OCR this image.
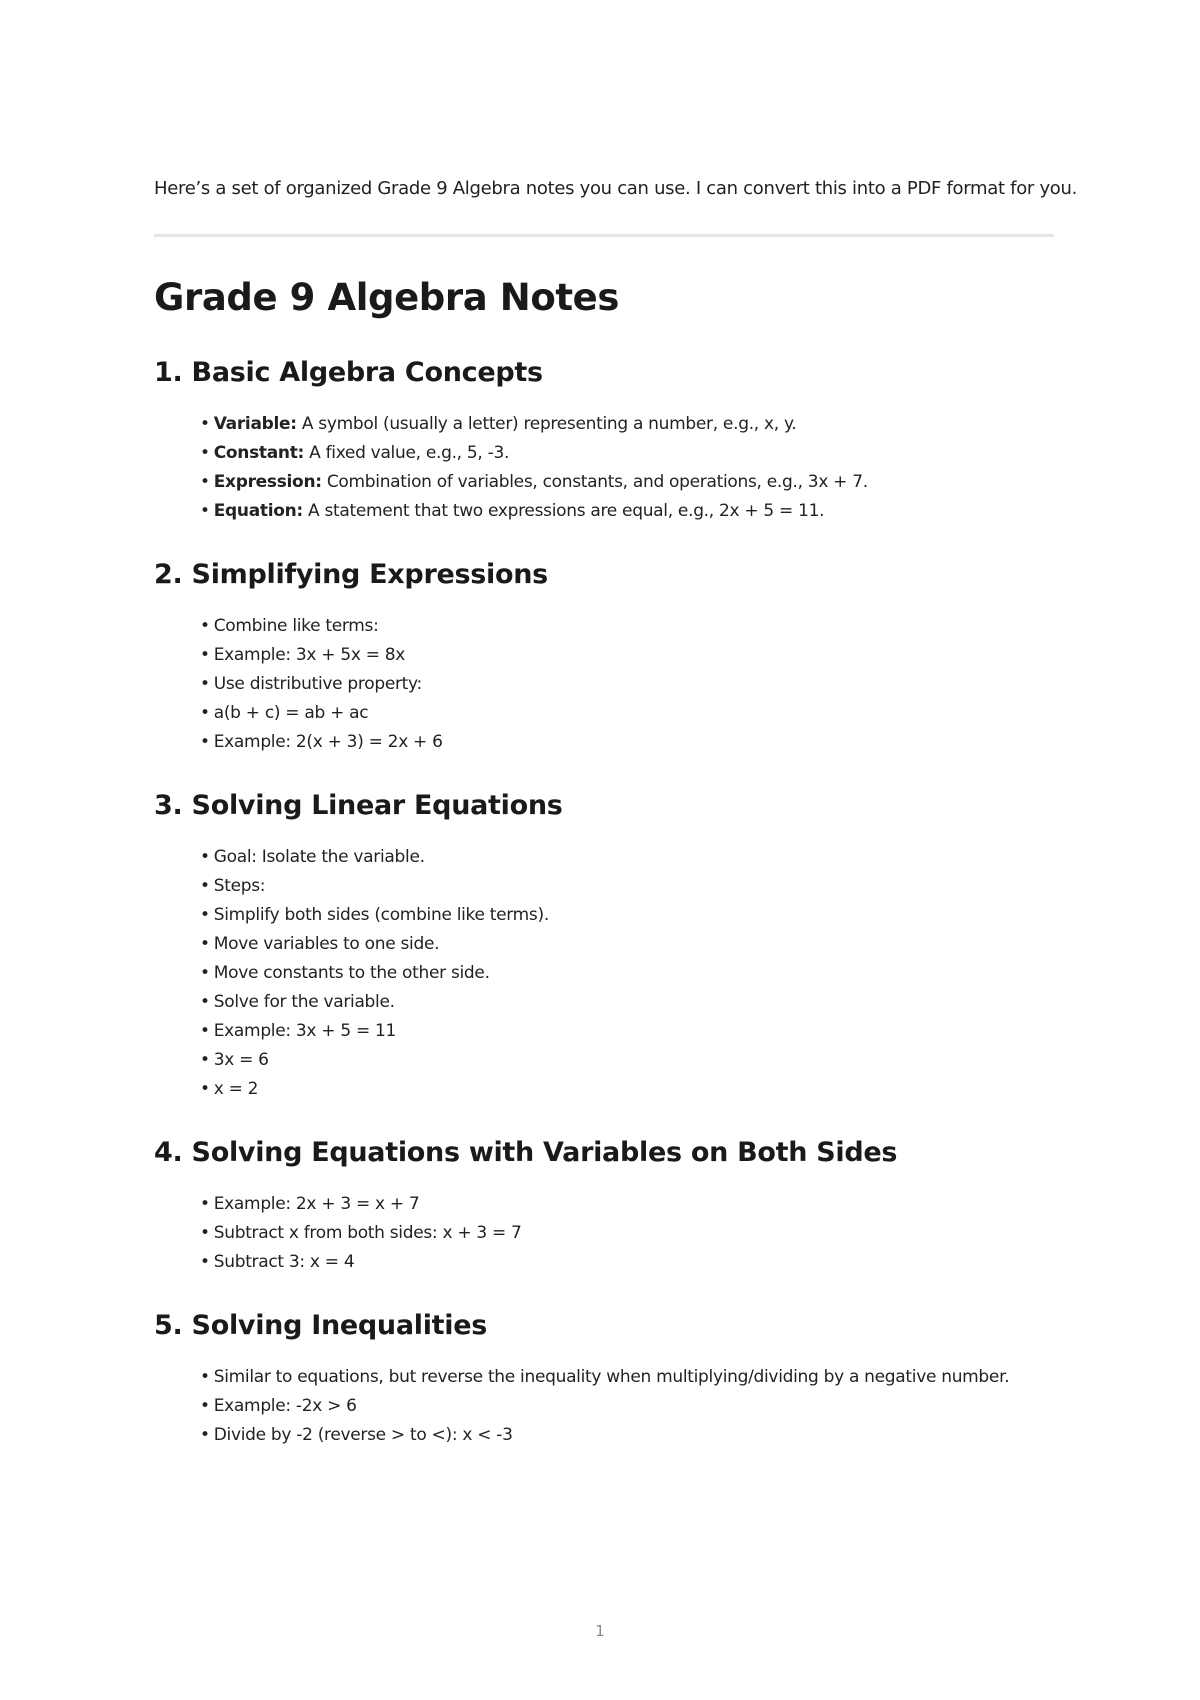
Here’s a set of organized Grade 9 Algebra notes you can use. I can convert this into a PDF format for you.

Grade 9 Algebra Notes
1. Basic Algebra Concepts
• Variable: A symbol (usually a letter) representing a number, e.g., x, y.
• Constant: A fixed value, e.g., 5, -3.
• Expression: Combination of variables, constants, and operations, e.g., 3x + 7.
• Equation: A statement that two expressions are equal, e.g., 2x + 5 = 11.
2. Simplifying Expressions
• Combine like terms:
• Example: 3x + 5x = 8x
• Use distributive property:
• a(b + c) = ab + ac
• Example: 2(x + 3) = 2x + 6
3. Solving Linear Equations
• Goal: Isolate the variable.
• Steps:
• Simplify both sides (combine like terms).
• Move variables to one side.
• Move constants to the other side.
• Solve for the variable.
• Example: 3x + 5 = 11
• 3x = 6
• x = 2
4. Solving Equations with Variables on Both Sides
• Example: 2x + 3 = x + 7
• Subtract x from both sides: x + 3 = 7
• Subtract 3: x = 4
5. Solving Inequalities
• Similar to equations, but reverse the inequality when multiplying/dividing by a negative number.
• Example: -2x > 6
• Divide by -2 (reverse > to <): x < -3
1
